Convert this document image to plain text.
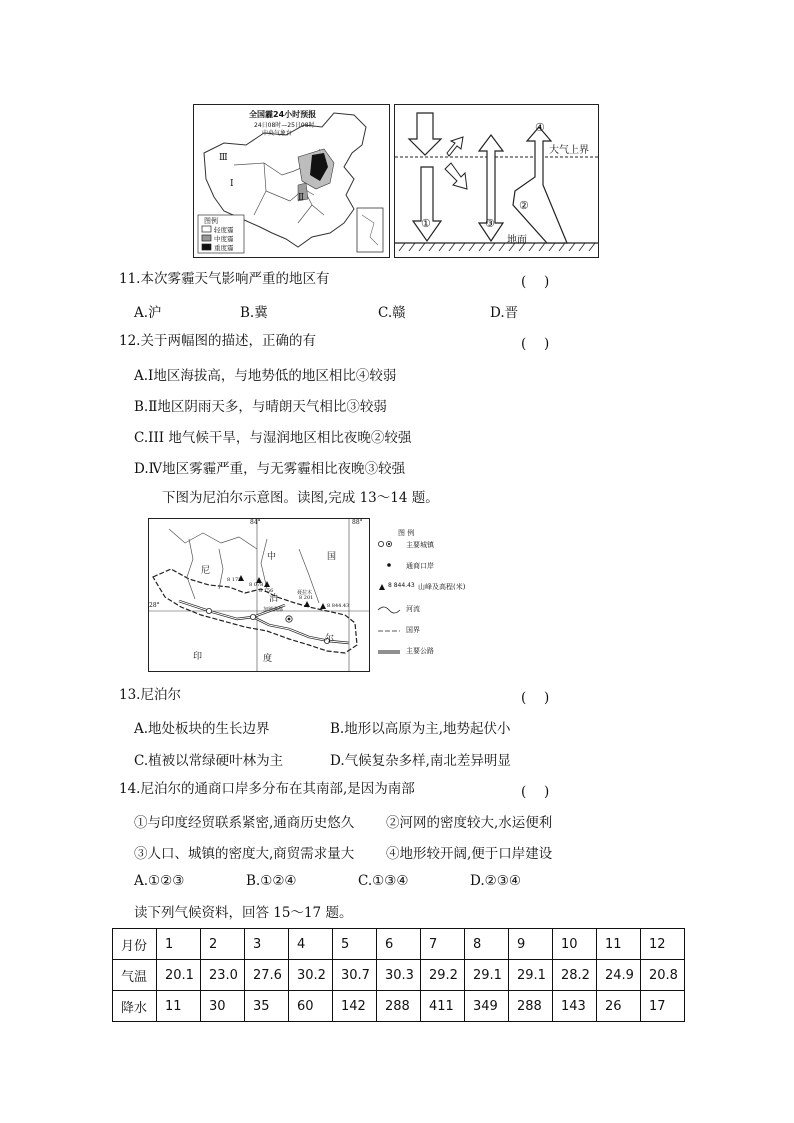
全国霾24小时预报
24日08时—25日08时
中央气象台
Ⅲ
Ⅰ
Ⅳ
Ⅱ
图例
轻度霾
中度霾
重度霾
大气上界
地面
①
②
③
④
11.本次雾霾天气影响严重的地区有	(　 )
A.沪	B.冀	C.赣	D.晋
12.关于两幅图的描述，正确的有	(　 )
A.Ⅰ地区海拔高，与地势低的地区相比④较弱
B.Ⅱ地区阴雨天多，与晴朗天气相比③较弱
C.III 地气候干旱，与湿润地区相比夜晚②较强
D.Ⅳ地区雾霾严重，与无雾霾相比夜晚③较强
下图为尼泊尔示意图。读图,完成 13～14 题。
84°	88°
28°
中	国
尼
泊
尔
印	度
8 172
8 078
8 156
8 201
8 844.43
加德满都
聂拉木
图 例
主要城镇
通商口岸
8 844.43 山峰及高程(米)
河流
国界
主要公路
13.尼泊尔	(　 )
A.地处板块的生长边界	B.地形以高原为主,地势起伏小
C.植被以常绿硬叶林为主	D.气候复杂多样,南北差异明显
14.尼泊尔的通商口岸多分布在其南部,是因为南部	(　 )
①与印度经贸联系紧密,通商历史悠久 ②河网的密度较大,水运便利
③人口、城镇的密度大,商贸需求量大 ④地形较开阔,便于口岸建设
A.①②③	B.①②④	C.①③④	D.②③④
读下列气候资料，回答 15～17 题。
月份	1	2	3	4	5	6	7	8	9	10	11	12
气温	20.1	23.0	27.6	30.2	30.7	30.3	29.2	29.1	29.1	28.2	24.9	20.8
降水	11	30	35	60	142	288	411	349	288	143	26	17
